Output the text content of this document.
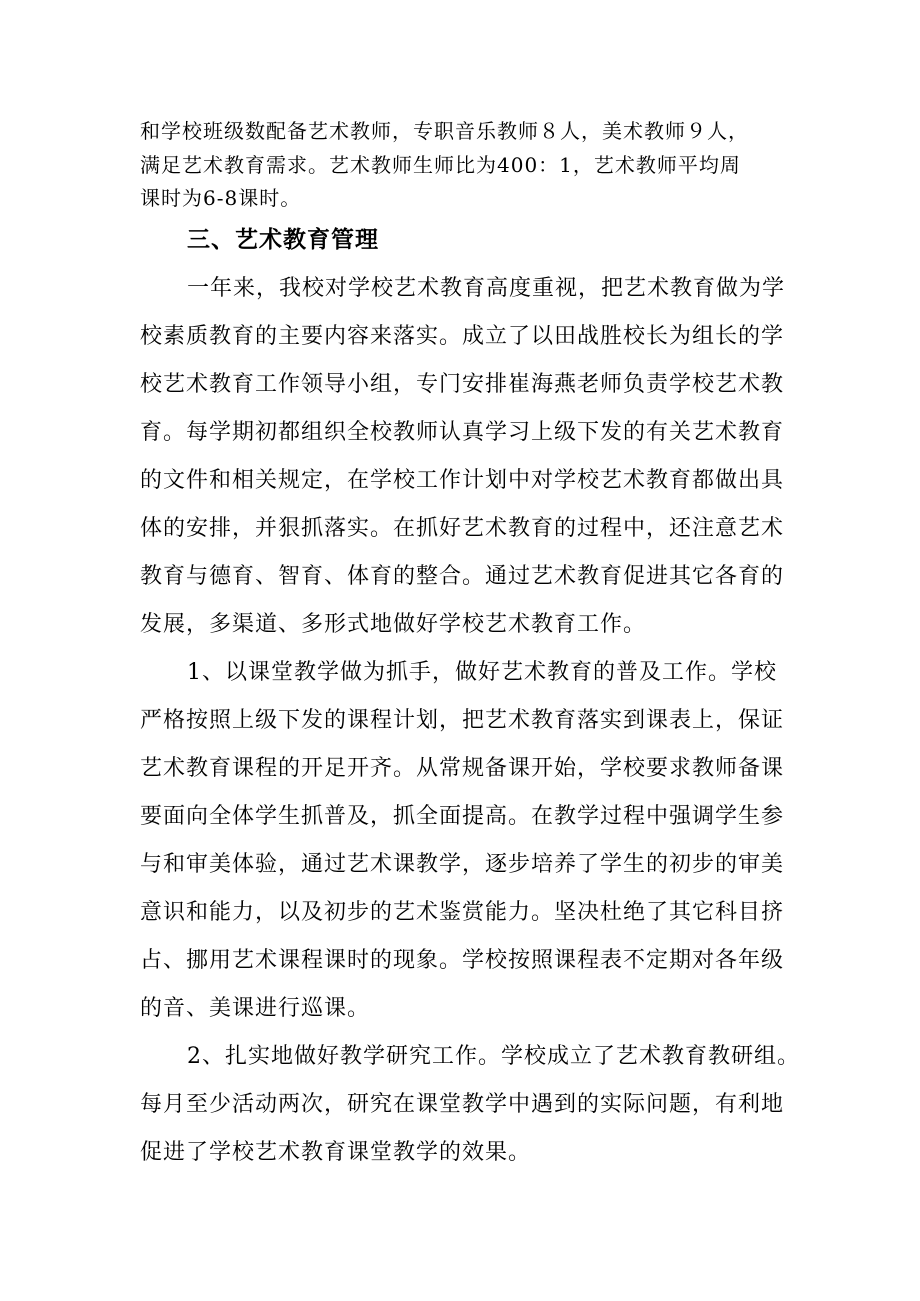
和学校班级数配备艺术教师，专职音乐教师８人，美术教师９人，
满足艺术教育需求。艺术教师生师比为400：1，艺术教师平均周
课时为6-8课时。
三、艺术教育管理
一年来，我校对学校艺术教育高度重视，把艺术教育做为学
校素质教育的主要内容来落实。成立了以田战胜校长为组长的学
校艺术教育工作领导小组，专门安排崔海燕老师负责学校艺术教
育。每学期初都组织全校教师认真学习上级下发的有关艺术教育
的文件和相关规定，在学校工作计划中对学校艺术教育都做出具
体的安排，并狠抓落实。在抓好艺术教育的过程中，还注意艺术
教育与德育、智育、体育的整合。通过艺术教育促进其它各育的
发展，多渠道、多形式地做好学校艺术教育工作。
1、以课堂教学做为抓手，做好艺术教育的普及工作。学校
严格按照上级下发的课程计划，把艺术教育落实到课表上，保证
艺术教育课程的开足开齐。从常规备课开始，学校要求教师备课
要面向全体学生抓普及，抓全面提高。在教学过程中强调学生参
与和审美体验，通过艺术课教学，逐步培养了学生的初步的审美
意识和能力，以及初步的艺术鉴赏能力。坚决杜绝了其它科目挤
占、挪用艺术课程课时的现象。学校按照课程表不定期对各年级
的音、美课进行巡课。
2、扎实地做好教学研究工作。学校成立了艺术教育教研组。
每月至少活动两次，研究在课堂教学中遇到的实际问题，有利地
促进了学校艺术教育课堂教学的效果。
